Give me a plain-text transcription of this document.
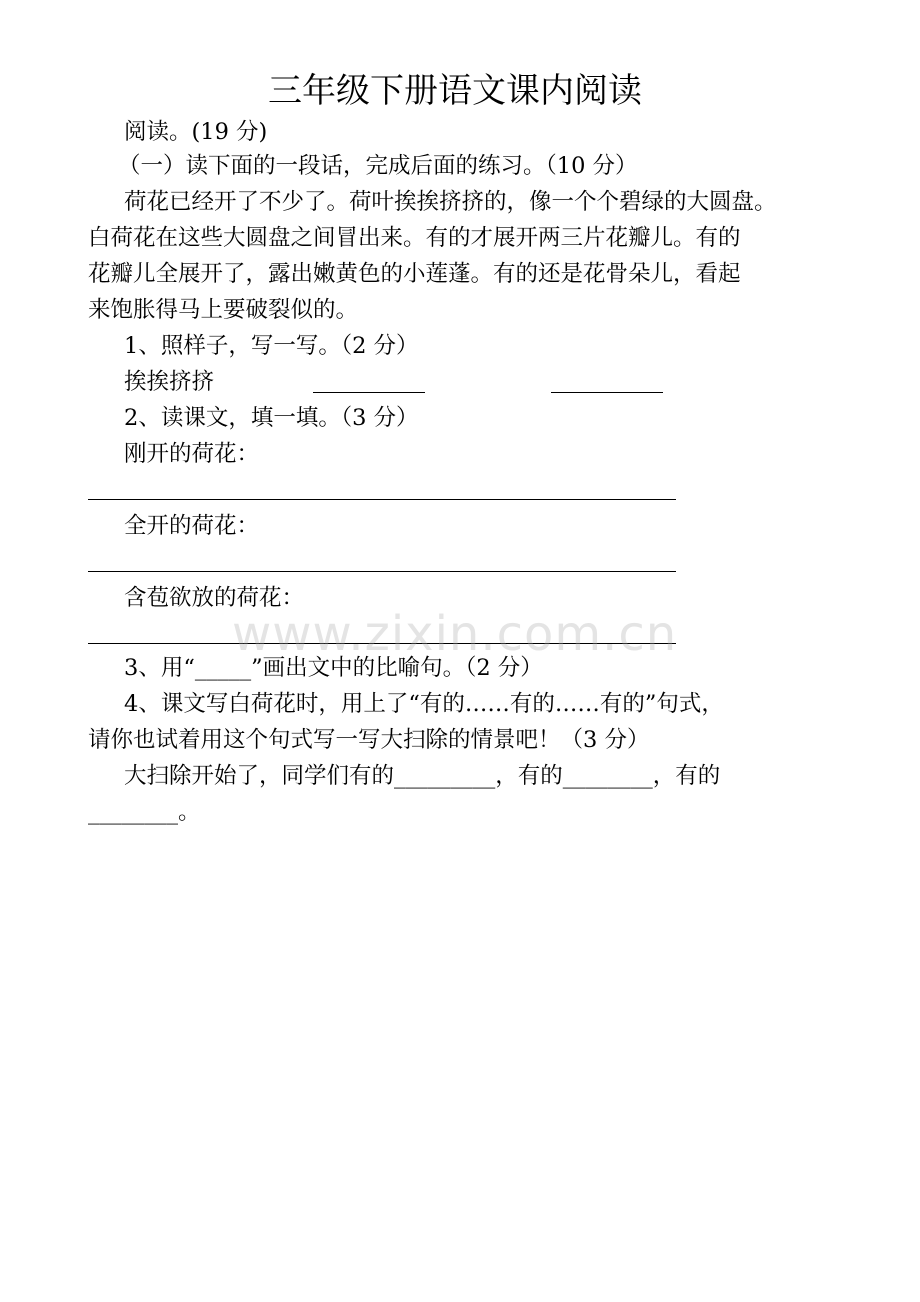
三年级下册语文课内阅读
阅读。(19 分)
（一）读下面的一段话，完成后面的练习。（10 分）
荷花已经开了不少了。荷叶挨挨挤挤的，像一个个碧绿的大圆盘。
白荷花在这些大圆盘之间冒出来。有的才展开两三片花瓣儿。有的
花瓣儿全展开了，露出嫩黄色的小莲蓬。有的还是花骨朵儿，看起
来饱胀得马上要破裂似的。
1、照样子，写一写。（2 分）
挨挨挤挤
2、读课文，填一填。（3 分）
刚开的荷花：
全开的荷花：
含苞欲放的荷花：
3、用“_____”画出文中的比喻句。（2 分）
4、课文写白荷花时，用上了“有的……有的……有的”句式，
请你也试着用这个句式写一写大扫除的情景吧！（3 分）
大扫除开始了，同学们有的_________，有的________，有的
________。
www.zixin.com.cn
